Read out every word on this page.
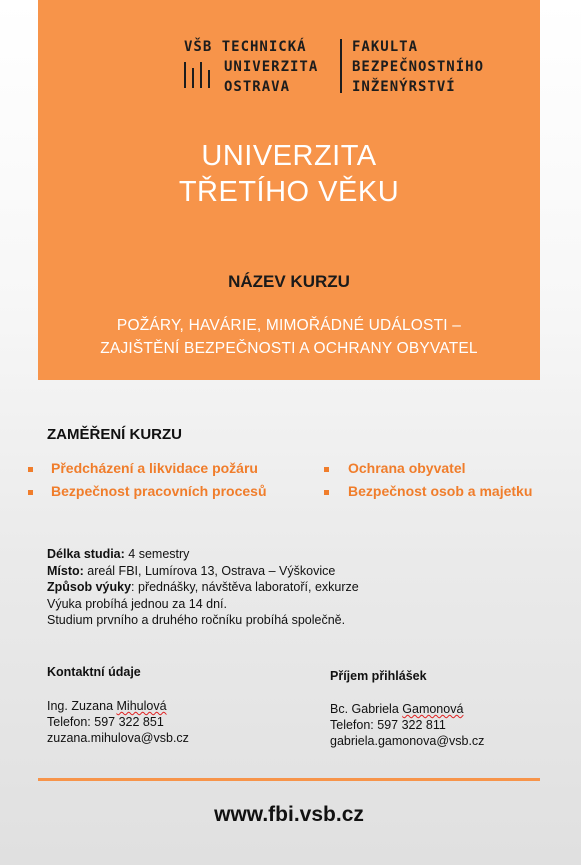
VŠB TECHNICKÁ
UNIVERZITA
OSTRAVA
FAKULTA
BEZPEČNOSTNÍHO
INŽENÝRSTVÍ
UNIVERZITA
TŘETÍHO VĚKU
NÁZEV KURZU
POŽÁRY, HAVÁRIE, MIMOŘÁDNÉ UDÁLOSTI –
ZAJIŠTĚNÍ BEZPEČNOSTI A OCHRANY OBYVATEL
ZAMĚŘENÍ KURZU
Předcházení a likvidace požáru	Ochrana obyvatel
Bezpečnost pracovních procesů	Bezpečnost osob a majetku
Délka studia: 4 semestry
Místo: areál FBI, Lumírova 13, Ostrava – Výškovice
Způsob výuky: přednášky, návštěva laboratoří, exkurze
Výuka probíhá jednou za 14 dní.
Studium prvního a druhého ročníku probíhá společně.
Kontaktní údaje
Ing. Zuzana Mihulová
Telefon: 597 322 851
zuzana.mihulova@vsb.cz
Příjem přihlášek
Bc. Gabriela Gamonová
Telefon: 597 322 811
gabriela.gamonova@vsb.cz
www.fbi.vsb.cz
